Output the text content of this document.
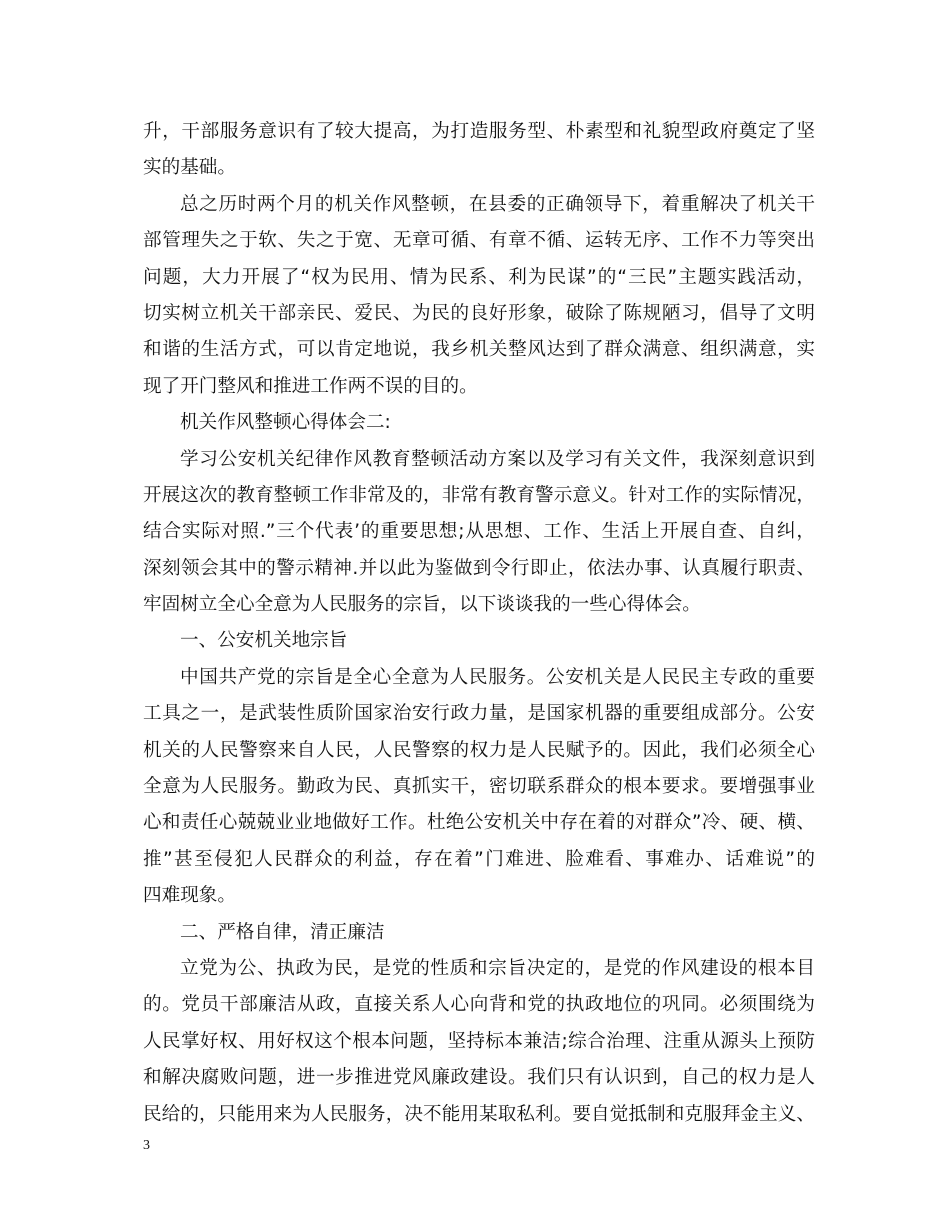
升，干部服务意识有了较大提高，为打造服务型、朴素型和礼貌型政府奠定了坚
实的基础。
总之历时两个月的机关作风整顿，在县委的正确领导下，着重解决了机关干
部管理失之于软、失之于宽、无章可循、有章不循、运转无序、工作不力等突出
问题，大力开展了“权为民用、情为民系、利为民谋”的“三民”主题实践活动，
切实树立机关干部亲民、爱民、为民的良好形象，破除了陈规陋习，倡导了文明
和谐的生活方式，可以肯定地说，我乡机关整风达到了群众满意、组织满意，实
现了开门整风和推进工作两不误的目的。
机关作风整顿心得体会二:
学习公安机关纪律作风教育整顿活动方案以及学习有关文件，我深刻意识到
开展这次的教育整顿工作非常及的，非常有教育警示意义。针对工作的实际情况，
结合实际对照.”三个代表’的重要思想;从思想、工作、生活上开展自查、自纠，
深刻领会其中的警示精神.并以此为鉴做到令行即止，依法办事、认真履行职责、
牢固树立全心全意为人民服务的宗旨，以下谈谈我的一些心得体会。
一、公安机关地宗旨
中国共产党的宗旨是全心全意为人民服务。公安机关是人民民主专政的重要
工具之一，是武装性质阶国家治安行政力量，是国家机器的重要组成部分。公安
机关的人民警察来自人民，人民警察的权力是人民赋予的。因此，我们必须全心
全意为人民服务。勤政为民、真抓实干，密切联系群众的根本要求。要增强事业
心和责任心兢兢业业地做好工作。杜绝公安机关中存在着的对群众”冷、硬、横、
推”甚至侵犯人民群众的利益，存在着”门难进、脸难看、事难办、话难说”的
四难现象。
二、严格自律，清正廉洁
立党为公、执政为民，是党的性质和宗旨决定的，是党的作风建设的根本目
的。党员干部廉洁从政，直接关系人心向背和党的执政地位的巩同。必须围绕为
人民掌好权、用好权这个根本问题，坚持标本兼洁;综合治理、注重从源头上预防
和解决腐败问题，进一步推进党风廉政建设。我们只有认识到，自己的权力是人
民给的，只能用来为人民服务，决不能用某取私利。要自觉抵制和克服拜金主义、
3
